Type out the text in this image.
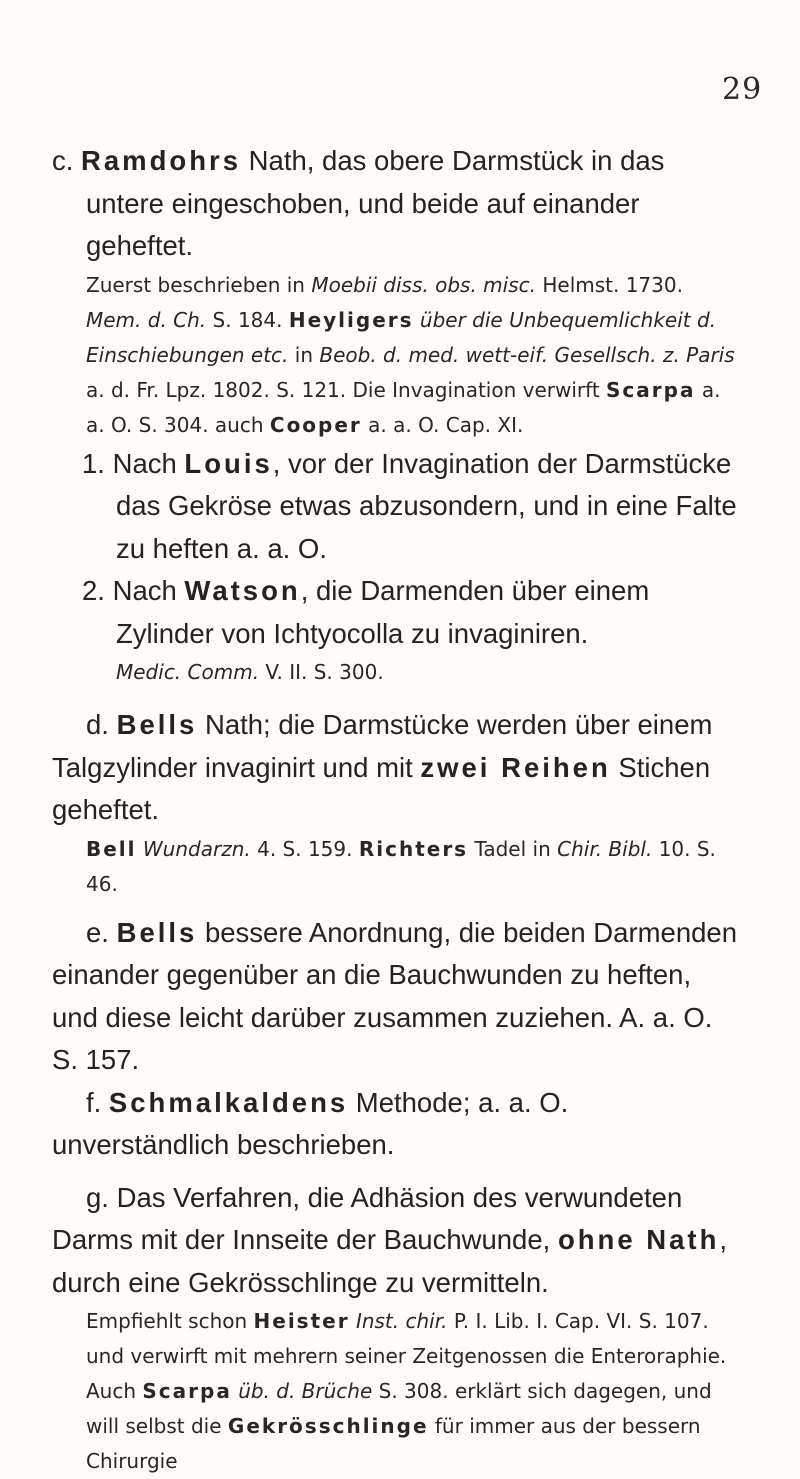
29

c. Ramdohrs Nath, das obere Darmstück in das untere eingeschoben, und beide auf einander geheftet.

Zuerst beschrieben in Moebii diss. obs. misc. Helmst. 1730. Mem. d. Ch. S. 184. Heyligers über die Unbequemlichkeit d. Einschiebungen etc. in Beob. d. med. wett-eif. Gesellsch. z. Paris a. d. Fr. Lpz. 1802. S. 121. Die Invagination verwirft Scarpa a. a. O. S. 304. auch Cooper a. a. O. Cap. XI.

1. Nach Louis, vor der Invagination der Darmstücke das Gekröse etwas abzusondern, und in eine Falte zu heften a. a. O.

2. Nach Watson, die Darmenden über einem Zylinder von Ichtyocolla zu invaginiren.

Medic. Comm. V. II. S. 300.

d. Bells Nath; die Darmstücke werden über einem Talgzylinder invaginirt und mit zwei Reihen Stichen geheftet.

Bell Wundarzn. 4. S. 159. Richters Tadel in Chir. Bibl. 10. S. 46.

e. Bells bessere Anordnung, die beiden Darmenden einander gegenüber an die Bauchwunden zu heften, und diese leicht darüber zusammen zuziehen. A. a. O. S. 157.

f. Schmalkaldens Methode; a. a. O. unverständlich beschrieben.

g. Das Verfahren, die Adhäsion des verwundeten Darms mit der Innseite der Bauchwunde, ohne Nath, durch eine Gekrösschlinge zu vermitteln.

Empfiehlt schon Heister Inst. chir. P. I. Lib. I. Cap. VI. S. 107. und verwirft mit mehrern seiner Zeitgenossen die Enteroraphie. Auch Scarpa üb. d. Brüche S. 308. erklärt sich dagegen, und will selbst die Gekrösschlinge für immer aus der bessern Chirurgie
